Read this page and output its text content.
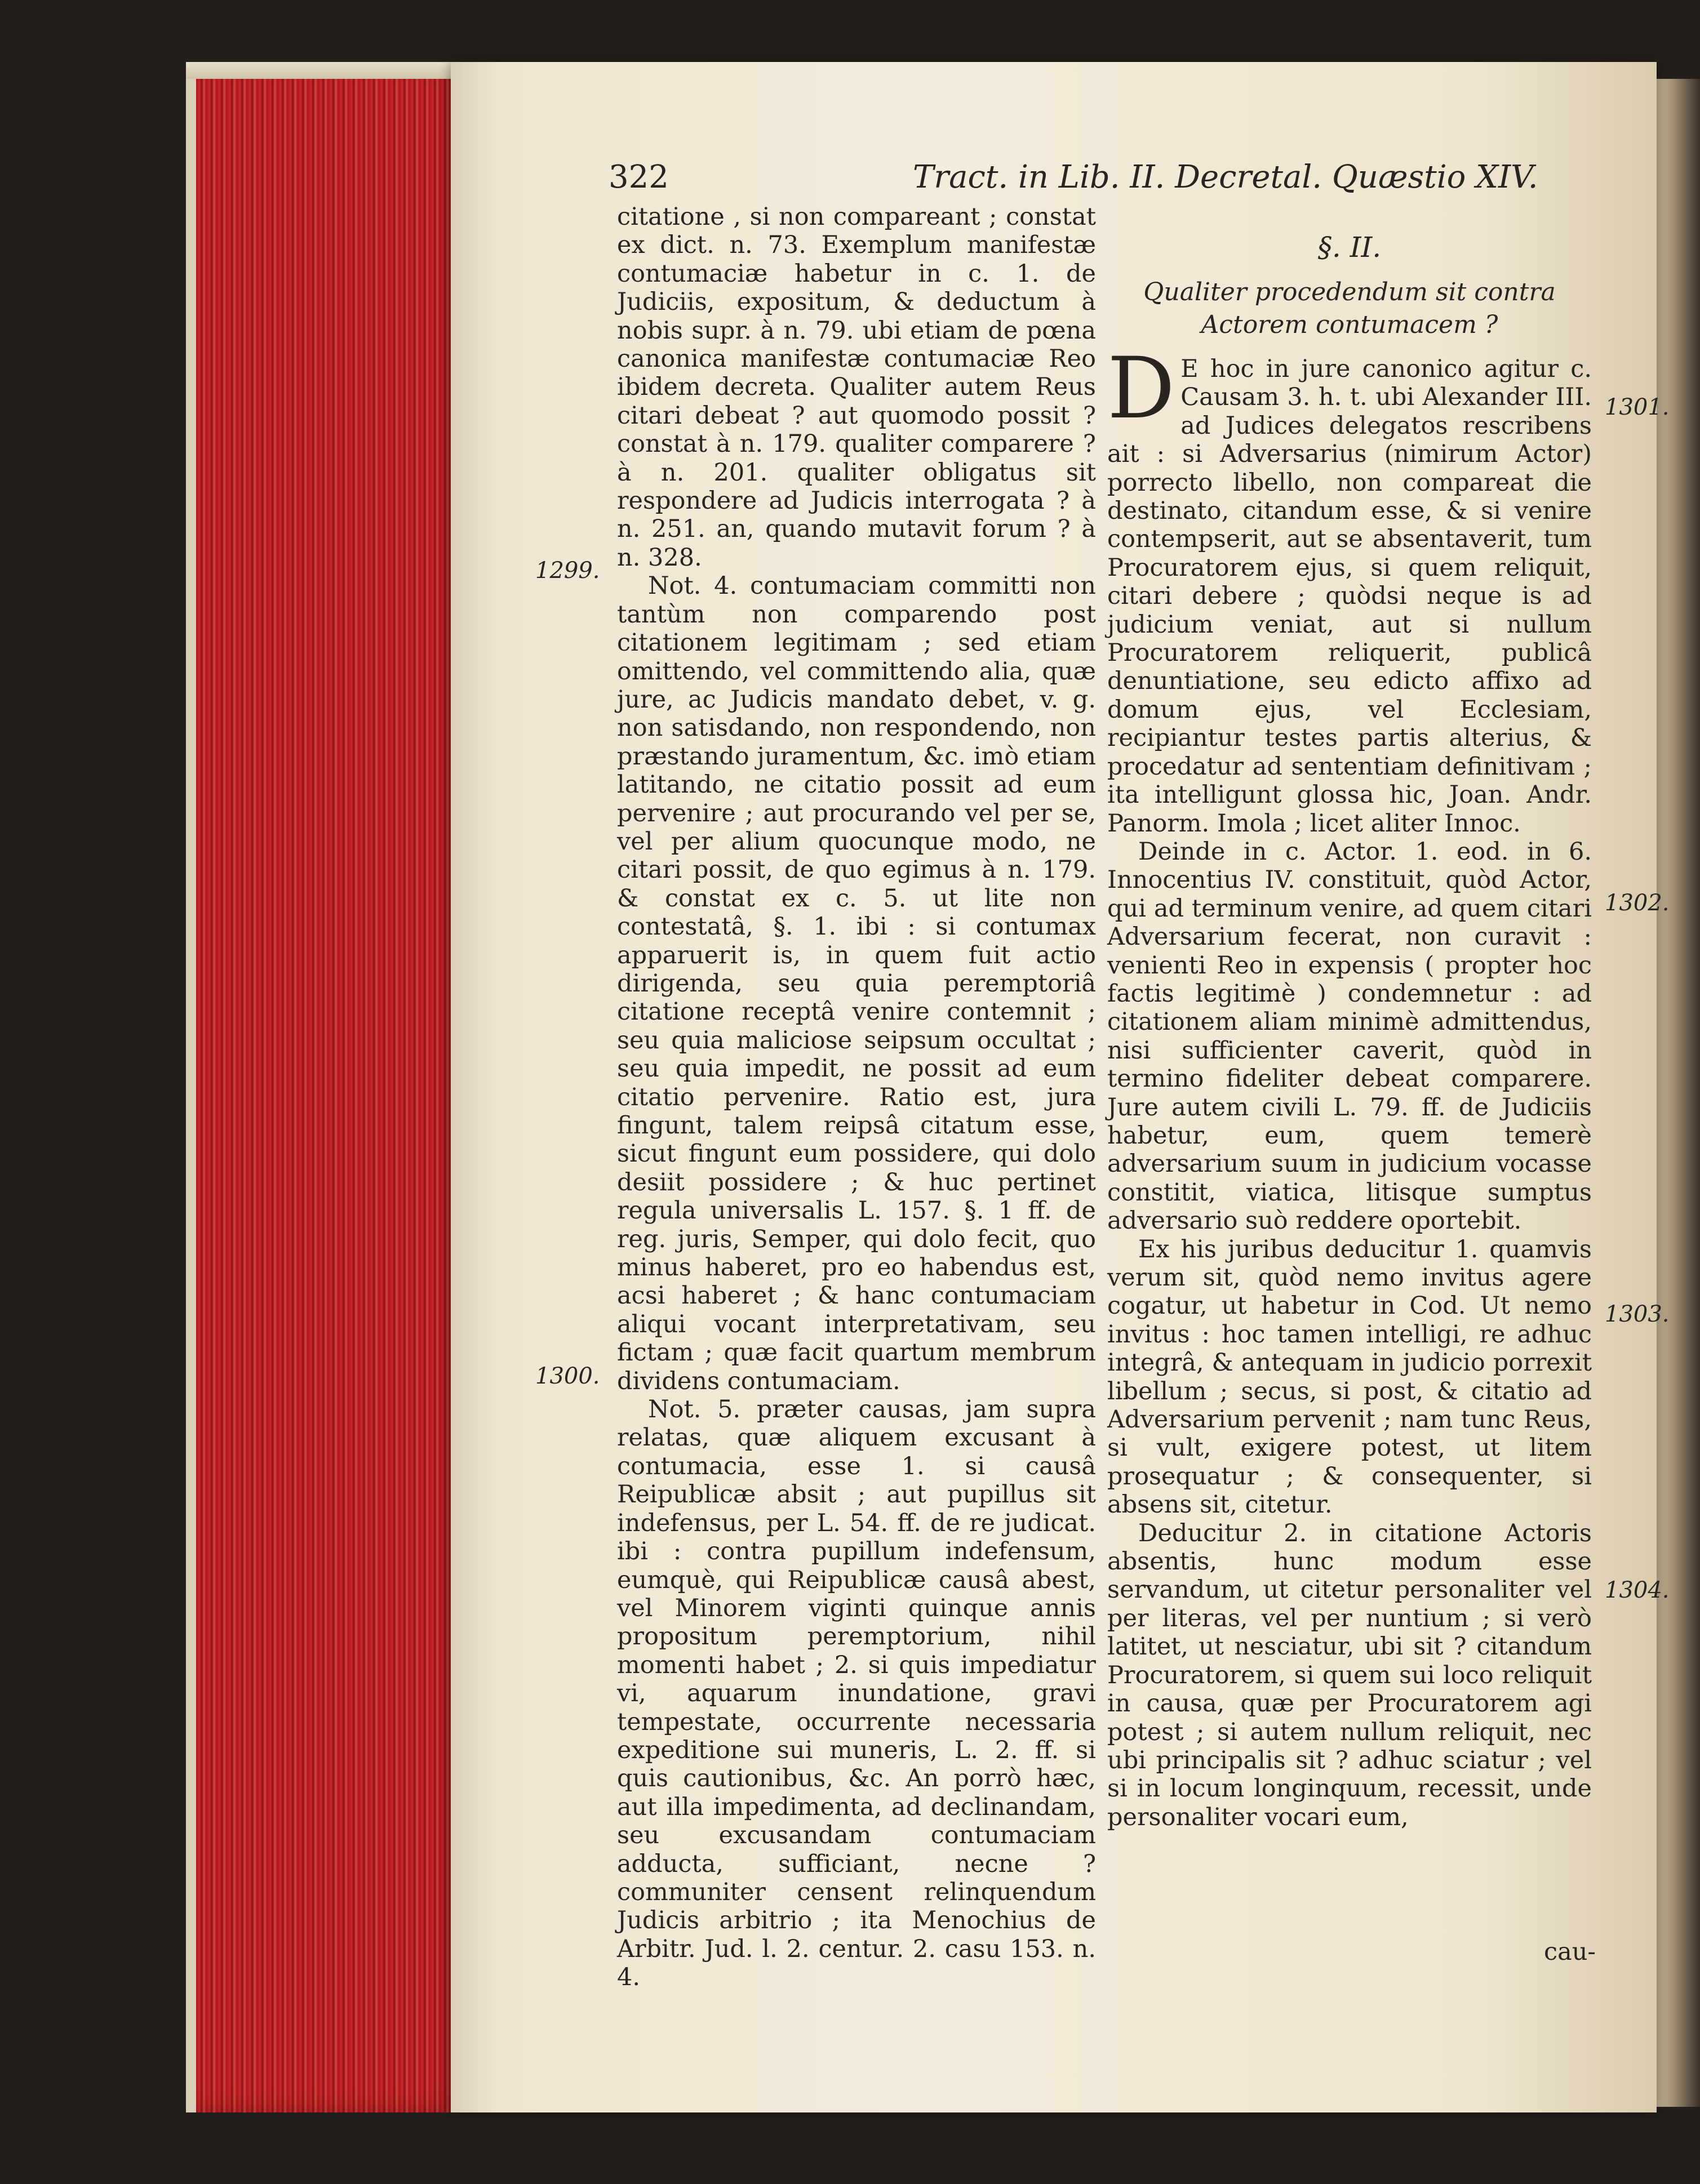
322	Tract. in Lib. II. Decretal. Quæstio XIV.

citatione , si non compareant ; constat ex dict. n. 73. Exemplum manifestæ contumaciæ habetur in c. 1. de Judiciis, expositum, & deductum à nobis supr. à n. 79. ubi etiam de pœna canonica manifestæ contumaciæ Reo ibidem decreta. Qualiter autem Reus citari debeat ? aut quomodo possit ? constat à n. 179. qualiter comparere ? à n. 201. qualiter obligatus sit respondere ad Judicis interrogata ? à n. 251. an, quando mutavit forum ? à n. 328.

Not. 4. contumaciam committi non tantùm non comparendo post citationem legitimam ; sed etiam omittendo, vel committendo alia, quæ jure, ac Judicis mandato debet, v. g. non satisdando, non respondendo, non præstando juramentum, &c. imò etiam latitando, ne citatio possit ad eum pervenire ; aut procurando vel per se, vel per alium quocunque modo, ne citari possit, de quo egimus à n. 179. & constat ex c. 5. ut lite non contestatâ, §. 1. ibi : si contumax apparuerit is, in quem fuit actio dirigenda, seu quia peremptoriâ citatione receptâ venire contemnit ; seu quia maliciose seipsum occultat ; seu quia impedit, ne possit ad eum citatio pervenire. Ratio est, jura fingunt, talem reipsâ citatum esse, sicut fingunt eum possidere, qui dolo desiit possidere ; & huc pertinet regula universalis L. 157. §. 1 ff. de reg. juris, Semper, qui dolo fecit, quo minus haberet, pro eo habendus est, acsi haberet ; & hanc contumaciam aliqui vocant interpretativam, seu fictam ; quæ facit quartum membrum dividens contumaciam.

Not. 5. præter causas, jam supra relatas, quæ aliquem excusant à contumacia, esse 1. si causâ Reipublicæ absit ; aut pupillus sit indefensus, per L. 54. ff. de re judicat. ibi : contra pupillum indefensum, eumquè, qui Reipublicæ causâ abest, vel Minorem viginti quinque annis propositum peremptorium, nihil momenti habet ; 2. si quis impediatur vi, aquarum inundatione, gravi tempestate, occurrente necessaria expeditione sui muneris, L. 2. ff. si quis cautionibus, &c. An porrò hæc, aut illa impedimenta, ad declinandam, seu excusandam contumaciam adducta, sufficiant, necne ? communiter censent relinquendum Judicis arbitrio ; ita Menochius de Arbitr. Jud. l. 2. centur. 2. casu 153. n. 4.

1299.
1300.
§. II.
Qualiter procedendum sit contra Actorem contumacem ?

D E hoc in jure canonico agitur c. Causam 3. h. t. ubi Alexander III. ad Judices delegatos rescribens ait : si Adversarius (nimirum Actor) porrecto libello, non compareat die destinato, citandum esse, & si venire contempserit, aut se absentaverit, tum Procuratorem ejus, si quem reliquit, citari debere ; quòdsi neque is ad judicium veniat, aut si nullum Procuratorem reliquerit, publicâ denuntiatione, seu edicto affixo ad domum ejus, vel Ecclesiam, recipiantur testes partis alterius, & procedatur ad sententiam definitivam ; ita intelligunt glossa hic, Joan. Andr. Panorm. Imola ; licet aliter Innoc.

Deinde in c. Actor. 1. eod. in 6. Innocentius IV. constituit, quòd Actor, qui ad terminum venire, ad quem citari Adversarium fecerat, non curavit : venienti Reo in expensis ( propter hoc factis legitimè ) condemnetur : ad citationem aliam minimè admittendus, nisi sufficienter caverit, quòd in termino fideliter debeat comparere. Jure autem civili L. 79. ff. de Judiciis habetur, eum, quem temerè adversarium suum in judicium vocasse constitit, viatica, litisque sumptus adversario suò reddere oportebit.

Ex his juribus deducitur 1. quamvis verum sit, quòd nemo invitus agere cogatur, ut habetur in Cod. Ut nemo invitus : hoc tamen intelligi, re adhuc integrâ, & antequam in judicio porrexit libellum ; secus, si post, & citatio ad Adversarium pervenit ; nam tunc Reus, si vult, exigere potest, ut litem prosequatur ; & consequenter, si absens sit, citetur.

Deducitur 2. in citatione Actoris absentis, hunc modum esse servandum, ut citetur personaliter vel per literas, vel per nuntium ; si verò latitet, ut nesciatur, ubi sit ? citandum Procuratorem, si quem sui loco reliquit in causa, quæ per Procuratorem agi potest ; si autem nullum reliquit, nec ubi principalis sit ? adhuc sciatur ; vel si in locum longinquum, recessit, unde personaliter vocari eum,

1301.
1302.
1303.
1304.
cau-
